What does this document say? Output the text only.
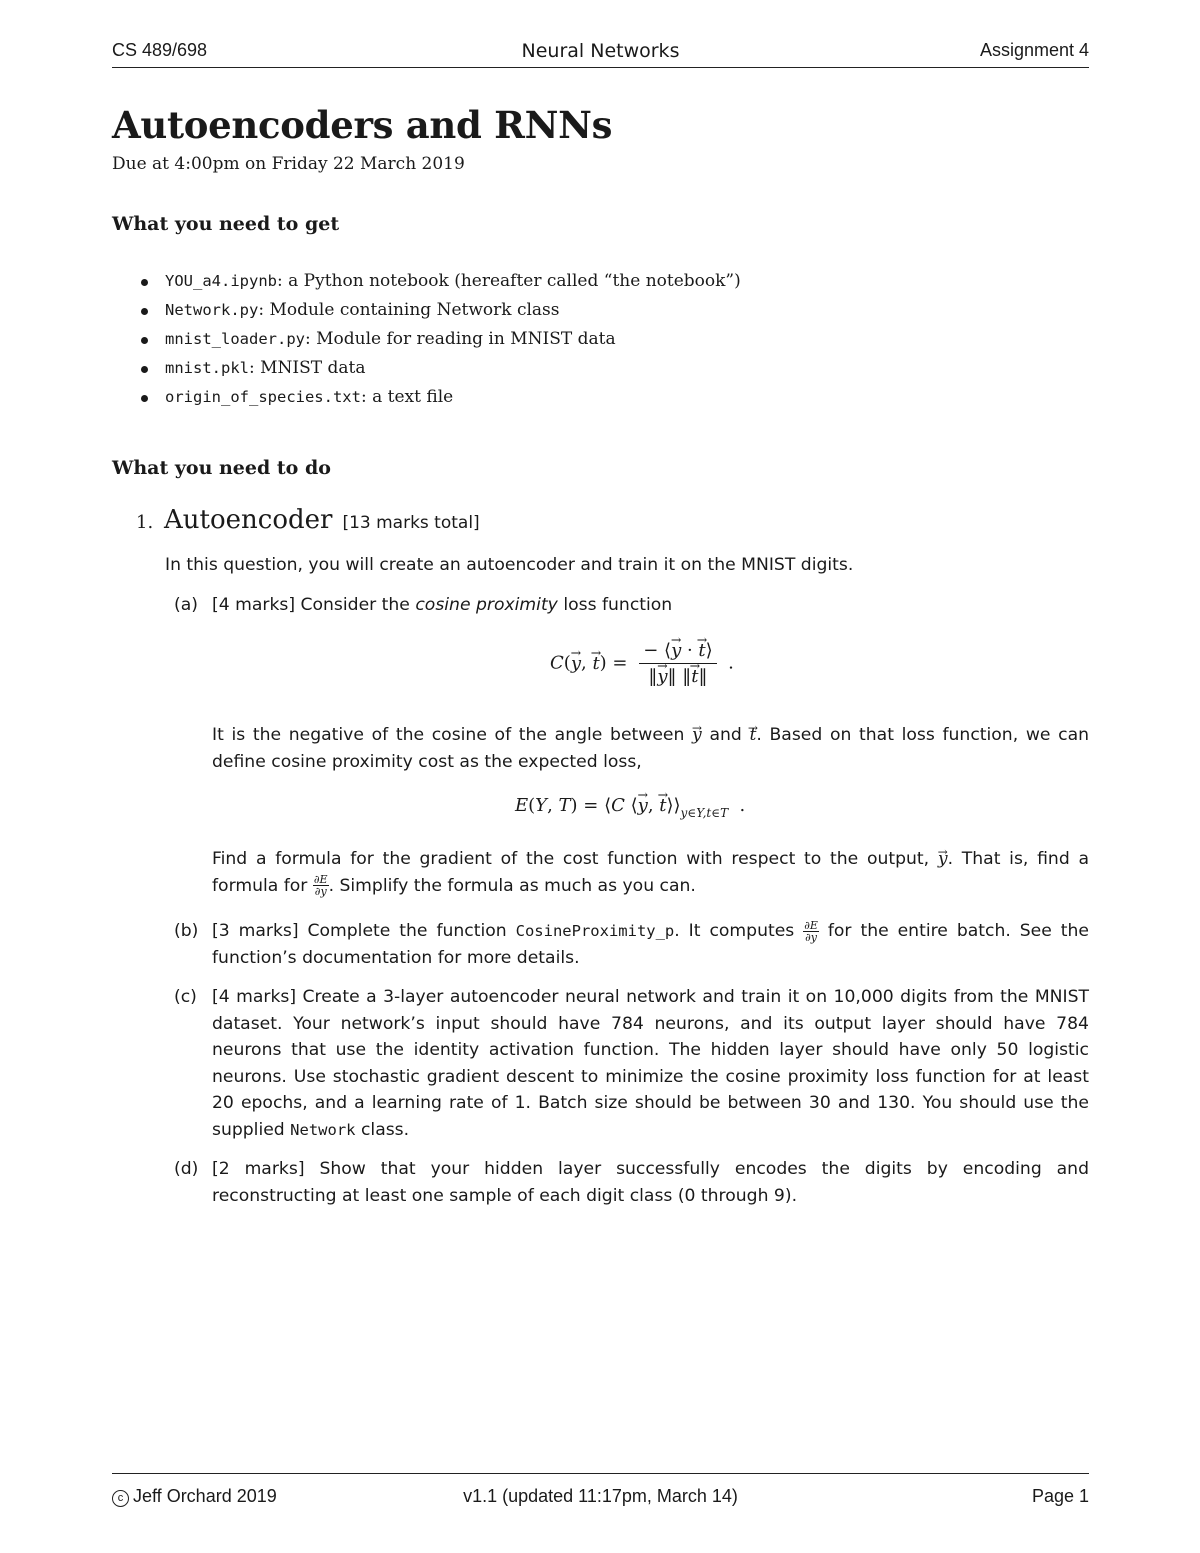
CS 489/698	Neural Networks	Assignment 4
Autoencoders and RNNs
Due at 4:00pm on Friday 22 March 2019
What you need to get
YOU_a4.ipynb: a Python notebook (hereafter called “the notebook”)
Network.py: Module containing Network class
mnist_loader.py: Module for reading in MNIST data
mnist.pkl: MNIST data
origin_of_species.txt: a text file
What you need to do
1. Autoencoder [13 marks total]
In this question, you will create an autoencoder and train it on the MNIST digits.
(a) [4 marks] Consider the cosine proximity loss function
C(→ y, → $t) = \frac{- ⟨\to y \cdot \to t⟩}{‖\to y‖ ‖\to t‖}$ .
It is the negative of the cosine of the angle between → y and → t. Based on that loss function, we can define cosine proximity cost as the expected loss,
E(Y, T) = ⟨C ⟨→ y, → $t⟩⟩_{y\in Y,t\in T}$  .
Find a formula for the gradient of the cost function with respect to the output, → y. That is, find a formula for $\frac{\partial E}{\partial y}$ . Simplify the formula as much as you can.
(b) [3 marks] Complete the function CosineProximity_p. It computes $\frac{\partial E}{\partial y}$ for the entire batch. See the function’s documentation for more details.
(c) [4 marks] Create a 3-layer autoencoder neural network and train it on 10,000 digits from the MNIST dataset. Your network’s input should have 784 neurons, and its output layer should have 784 neurons that use the identity activation function. The hidden layer should have only 50 logistic neurons. Use stochastic gradient descent to minimize the cosine proximity loss function for at least 20 epochs, and a learning rate of 1. Batch size should be between 30 and 130. You should use the supplied Network class.
(d) [2 marks] Show that your hidden layer successfully encodes the digits by encoding and reconstructing at least one sample of each digit class (0 through 9).
c Jeff Orchard 2019	v1.1 (updated 11:17pm, March 14)	Page 1
